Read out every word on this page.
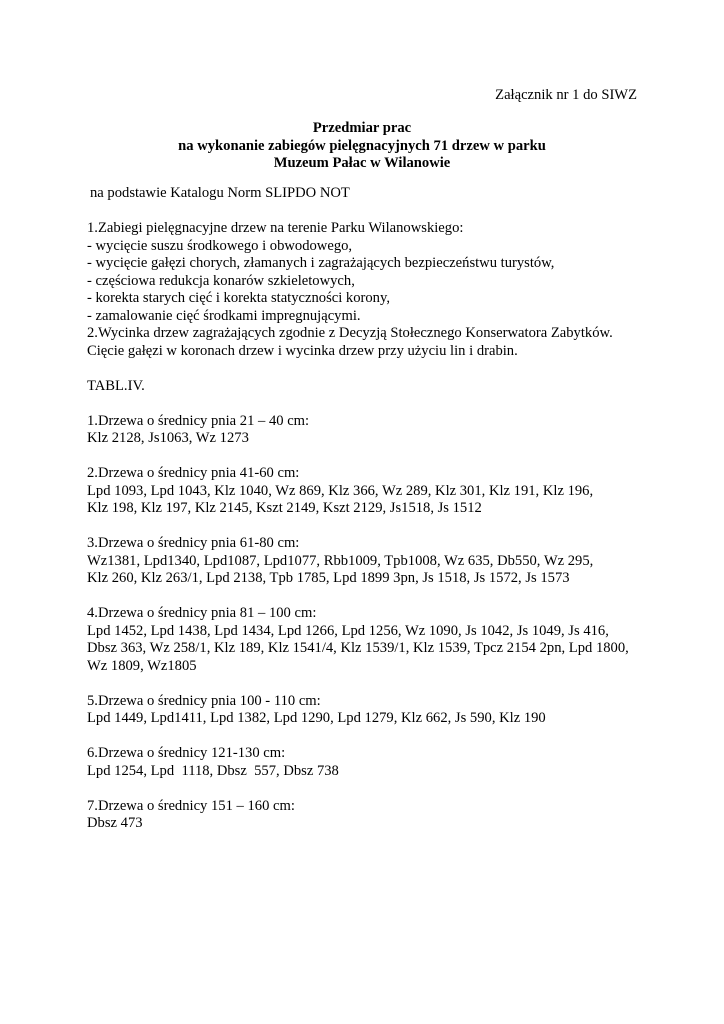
Załącznik nr 1 do SIWZ
Przedmiar prac
na wykonanie zabiegów pielęgnacyjnych 71 drzew w parku
Muzeum Pałac w Wilanowie
na podstawie Katalogu Norm SLIPDO NOT
1.Zabiegi pielęgnacyjne drzew na terenie Parku Wilanowskiego:
- wycięcie suszu środkowego i obwodowego,
- wycięcie gałęzi chorych, złamanych i zagrażających bezpieczeństwu turystów,
- częściowa redukcja konarów szkieletowych,
- korekta starych cięć i korekta statyczności korony,
- zamalowanie cięć środkami impregnującymi.
2.Wycinka drzew zagrażających zgodnie z Decyzją Stołecznego Konserwatora Zabytków.
Cięcie gałęzi w koronach drzew i wycinka drzew przy użyciu lin i drabin.
TABL.IV.
1.Drzewa o średnicy pnia 21 – 40 cm:
Klz 2128, Js1063, Wz 1273
2.Drzewa o średnicy pnia 41-60 cm:
Lpd 1093, Lpd 1043, Klz 1040, Wz 869, Klz 366, Wz 289, Klz 301, Klz 191, Klz 196,
Klz 198, Klz 197, Klz 2145, Kszt 2149, Kszt 2129, Js1518, Js 1512
3.Drzewa o średnicy pnia 61-80 cm:
Wz1381, Lpd1340, Lpd1087, Lpd1077, Rbb1009, Tpb1008, Wz 635, Db550, Wz 295,
Klz 260, Klz 263/1, Lpd 2138, Tpb 1785, Lpd 1899 3pn, Js 1518, Js 1572, Js 1573
4.Drzewa o średnicy pnia 81 – 100 cm:
Lpd 1452, Lpd 1438, Lpd 1434, Lpd 1266, Lpd 1256, Wz 1090, Js 1042, Js 1049, Js 416,
Dbsz 363, Wz 258/1, Klz 189, Klz 1541/4, Klz 1539/1, Klz 1539, Tpcz 2154 2pn, Lpd 1800,
Wz 1809, Wz1805
5.Drzewa o średnicy pnia 100 - 110 cm:
Lpd 1449, Lpd1411, Lpd 1382, Lpd 1290, Lpd 1279, Klz 662, Js 590, Klz 190
6.Drzewa o średnicy 121-130 cm:
Lpd 1254, Lpd  1118, Dbsz  557, Dbsz 738
7.Drzewa o średnicy 151 – 160 cm:
Dbsz 473
